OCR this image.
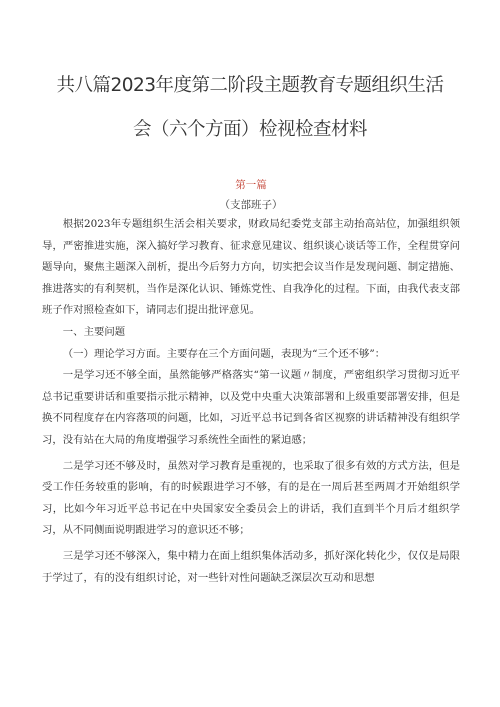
共八篇2023年度第二阶段主题教育专题组织生活
会（六个方面）检视检查材料
第一篇
（支部班子）

根据2023年专题组织生活会相关要求，财政局纪委党支部主动抬高站位，加强组织领导，严密推进实施，深入搞好学习教育、征求意见建议、组织谈心谈话等工作，全程贯穿问题导向，聚焦主题深入剖析，提出今后努力方向，切实把会议当作是发现问题、制定措施、推进落实的有利契机，当作是深化认识、锤炼党性、自我净化的过程。下面，由我代表支部班子作对照检查如下，请同志们提出批评意见。

一、主要问题

（一）理论学习方面。主要存在三个方面问题，表现为“三个还不够”：

一是学习还不够全面，虽然能够严格落实“第一议题〃制度，严密组织学习贯彻习近平总书记重要讲话和重要指示批示精神，以及党中央重大决策部署和上级重要部署安排，但是换不同程度存在内容落项的问题，比如，习近平总书记到各省区视察的讲话精神没有组织学习，没有站在大局的角度增强学习系统性全面性的紧迫感；

二是学习还不够及时，虽然对学习教育是重视的，也采取了很多有效的方式方法，但是受工作任务较重的影响，有的时候跟进学习不够，有的是在一周后甚至两周才开始组织学习，比如今年习近平总书记在中央国家安全委员会上的讲话，我们直到半个月后才组织学习，从不同侧面说明跟进学习的意识还不够；

三是学习还不够深入，集中精力在面上组织集体活动多，抓好深化转化少，仅仅是局限于学过了，有的没有组织讨论，对一些针对性问题缺乏深层次互动和思想
